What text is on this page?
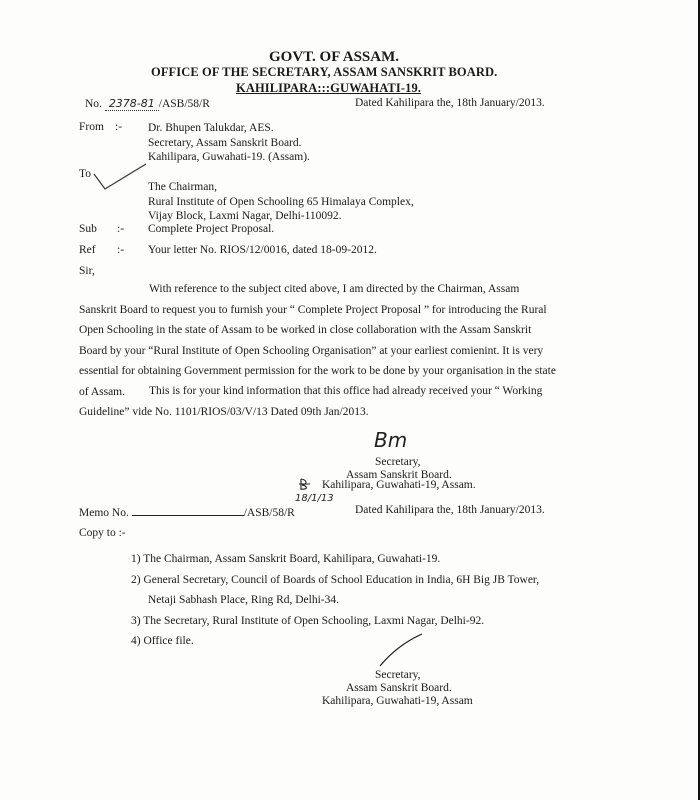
GOVT. OF ASSAM.
OFFICE OF THE SECRETARY, ASSAM SANSKRIT BOARD.
KAHILIPARA:::GUWAHATI-19.
No. 2378-81 /ASB/58/R	Dated Kahilipara the, 18th January/2013.
From :- Dr. Bhupen Talukdar, AES.
Secretary, Assam Sanskrit Board.
Kahilipara, Guwahati-19. (Assam).
To
The Chairman,
Rural Institute of Open Schooling 65 Himalaya Complex,
Vijay Block, Laxmi Nagar, Delhi-110092.
Sub :- Complete Project Proposal.
Ref :- Your letter No. RIOS/12/0016, dated 18-09-2012.
Sir,
With reference to the subject cited above, I am directed by the Chairman, Assam
Sanskrit Board to request you to furnish your “ Complete Project Proposal ” for introducing the Rural
Open Schooling in the state of Assam to be worked in close collaboration with the Assam Sanskrit
Board by your “Rural Institute of Open Schooling Organisation” at your earliest comienint. It is very
essential for obtaining Government permission for the work to be done by your organisation in the state
of Assam.	This is for your kind information that this office had already received your “ Working
Guideline” vide No. 1101/RIOS/03/V/13 Dated 09th Jan/2013.
Bm
Secretary,
Assam Sanskrit Board.
Kahilipara, Guwahati-19, Assam.
18/1/13
Memo No.	/ASB/58/R	Dated Kahilipara the, 18th January/2013.
Copy to :-
1) The Chairman, Assam Sanskrit Board, Kahilipara, Guwahati-19.
2) General Secretary, Council of Boards of School Education in India, 6H Big JB Tower,
Netaji Sabhash Place, Ring Rd, Delhi-34.
3) The Secretary, Rural Institute of Open Schooling, Laxmi Nagar, Delhi-92.
4) Office file.
Secretary,
Assam Sanskrit Board.
Kahilipara, Guwahati-19, Assam
